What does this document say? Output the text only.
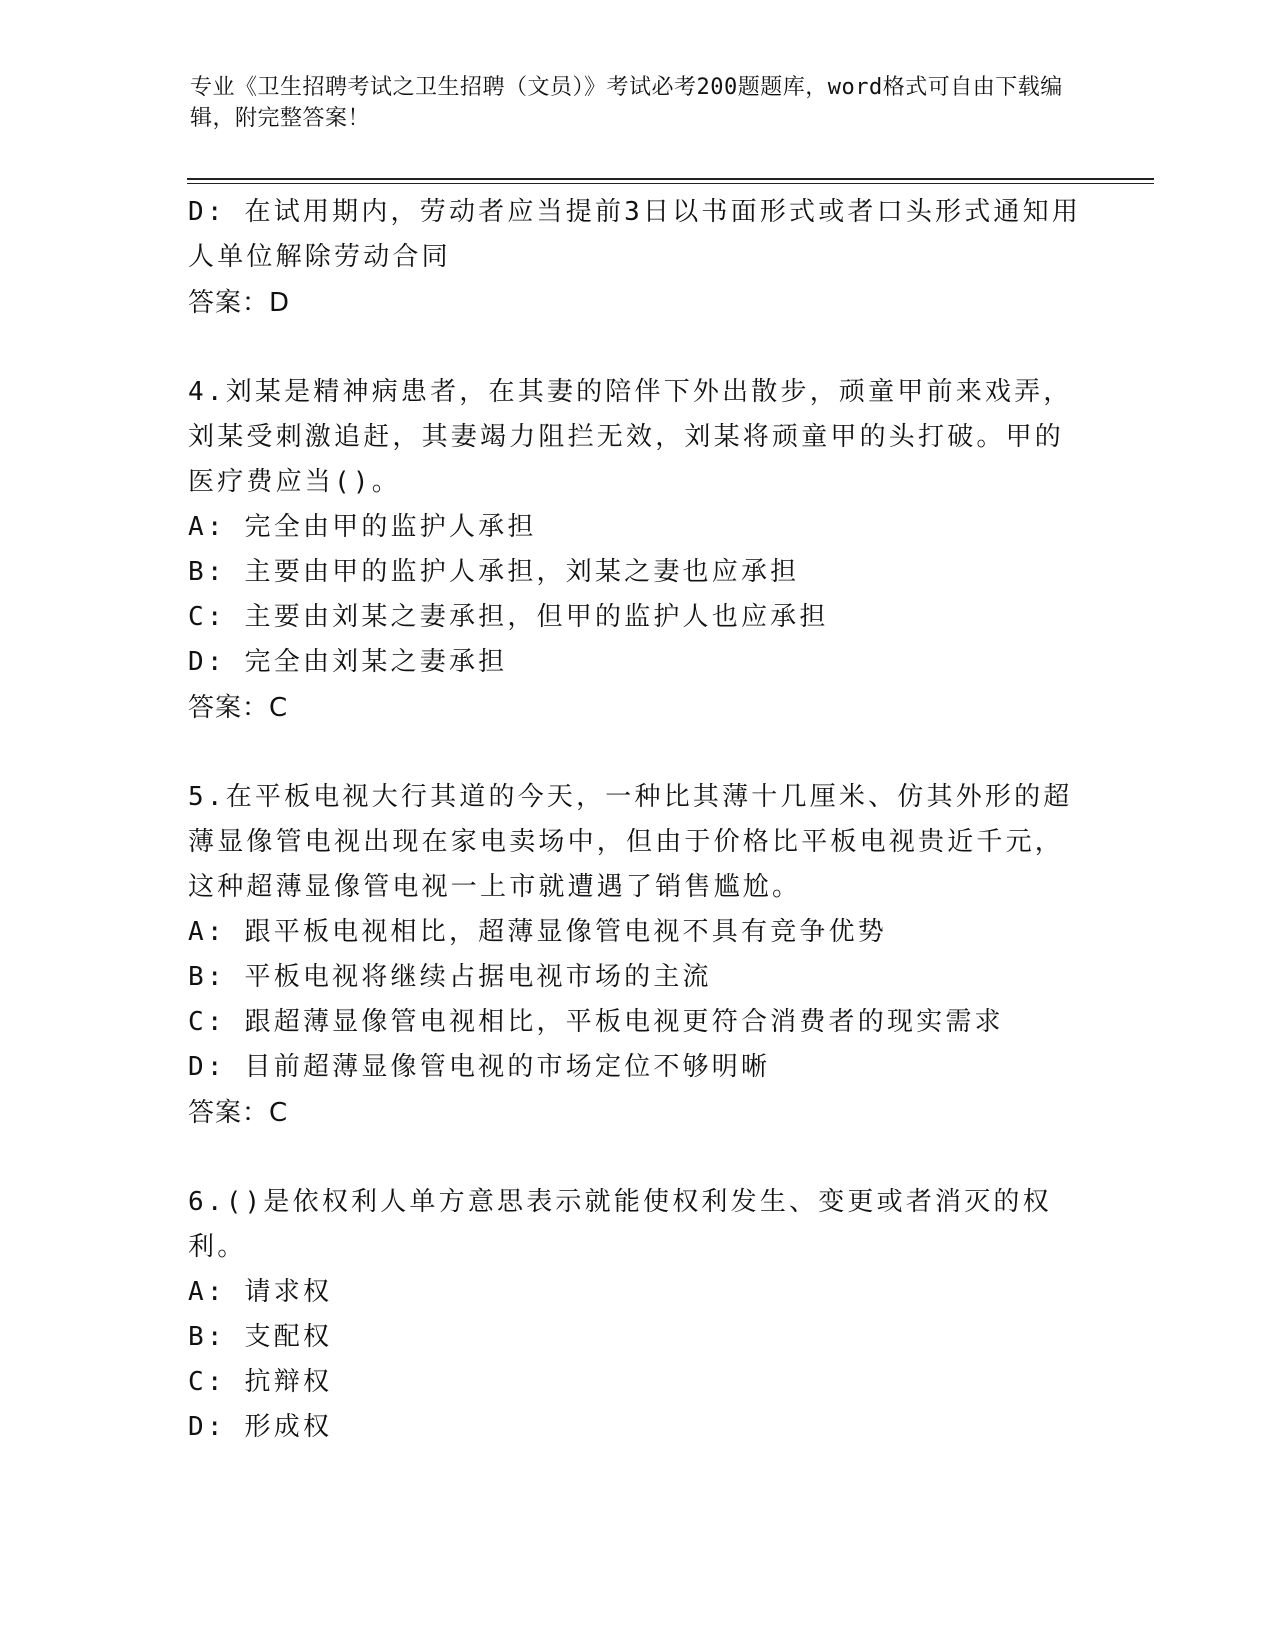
专业《卫生招聘考试之卫生招聘（文员）》考试必考200题题库，word格式可自由下载编辑，附完整答案！
D: 在试用期内，劳动者应当提前3日以书面形式或者口头形式通知用人单位解除劳动合同
答案：D
4.刘某是精神病患者，在其妻的陪伴下外出散步，顽童甲前来戏弄，刘某受刺激追赶，其妻竭力阻拦无效，刘某将顽童甲的头打破。甲的医疗费应当()。
A: 完全由甲的监护人承担
B: 主要由甲的监护人承担，刘某之妻也应承担
C: 主要由刘某之妻承担，但甲的监护人也应承担
D: 完全由刘某之妻承担
答案：C
5.在平板电视大行其道的今天，一种比其薄十几厘米、仿其外形的超薄显像管电视出现在家电卖场中，但由于价格比平板电视贵近千元，这种超薄显像管电视一上市就遭遇了销售尴尬。
A: 跟平板电视相比，超薄显像管电视不具有竞争优势
B: 平板电视将继续占据电视市场的主流
C: 跟超薄显像管电视相比，平板电视更符合消费者的现实需求
D: 目前超薄显像管电视的市场定位不够明晰
答案：C
6.()是依权利人单方意思表示就能使权利发生、变更或者消灭的权利。
A: 请求权
B: 支配权
C: 抗辩权
D: 形成权
